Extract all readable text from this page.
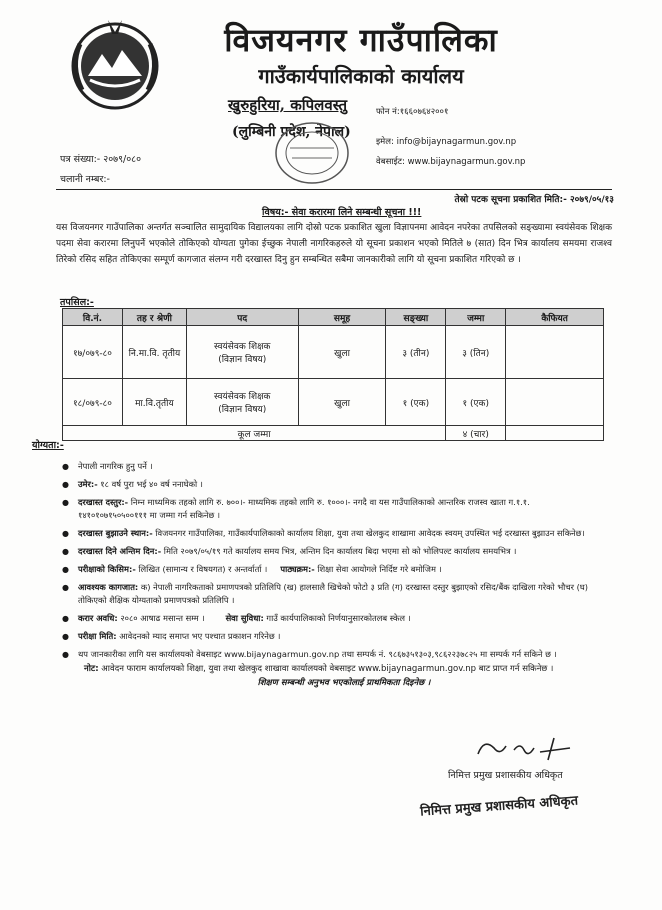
विजयनगर गाउँपालिका
गाउँकार्यपालिकाको कार्यालय
खुरुहुरिया, कपिलवस्तु
(लुम्बिनी प्रदेश, नेपाल)
फोन नं:१६६०७६४२००१
इमेल: info@bijaynagarmun.gov.np
वेबसाईट: www.bijaynagarmun.gov.np
पत्र संख्या:- २०७९/०८०
चलानी नम्बर:-
तेस्रो पटक सूचना प्रकाशित मिति:- २०७९/०५/१३
विषय:- सेवा करारमा लिने सम्बन्धी सूचना !!!
यस विजयनगर गाउँपालिका अन्तर्गत सञ्चालित सामुदायिक विद्यालयका लागि दोस्रो पटक प्रकाशित खुला विज्ञापनमा आवेदन नपरेका तपसिलको सङ्ख्यामा स्वयंसेवक शिक्षक पदमा सेवा करारमा लिनुपर्ने भएकोले तोकिएको योग्यता पुगेका ईच्छुक नेपाली नागरिकहरुले यो सूचना प्रकाशन भएको मितिले ७ (सात) दिन भित्र कार्यालय समयमा राजश्व तिरेको रसिद सहित तोकिएका सम्पूर्ण कागजात संलग्न गरी दरखास्त दिनु हुन सम्बन्धित सबैमा जानकारीको लागि यो सूचना प्रकाशित गरिएको छ ।
तपसिल:-
वि.नं.	तह र श्रेणी	पद	समूह	सङ्ख्या	जम्मा	कैफियत
१७/०७९-८०	नि.मा.वि. तृतीय	स्वयंसेवक शिक्षक
(विज्ञान विषय)	खुला	३ (तीन)	३ (तिन)	
१८/०७९-८०	मा.वि.तृतीय	स्वयंसेवक शिक्षक
(विज्ञान विषय)	खुला	१ (एक)	१ (एक)	
कूल जम्मा					४ (चार)	
योग्यता:-
● नेपाली नागरिक हुनु पर्ने ।
● उमेर:- १८ वर्ष पुरा भई ४० वर्ष ननाघेको ।
● दरखास्त दस्तुर:- निम्न माध्यमिक तहको लागि रु. ७००।- माध्यमिक तहको लागि रु. १०००।- नगदै वा यस गाउँपालिकाको आन्तरिक राजस्व खाता ग.१.१. १४१०१०७१५०५००१११ मा जम्मा गर्न सकिनेछ ।
● दरखास्त बुझाउने स्थान:- विजयनगर गाउँपालिका, गाउँकार्यपालिकाको कार्यालय शिक्षा, युवा तथा खेलकुद शाखामा आवेदक स्वयम् उपस्थित भई दरखास्त बुझाउन सकिनेछ।
● दरखास्त दिने अन्तिम दिन:- मिति २०७९/०५/१९ गते कार्यालय समय भित्र, अन्तिम दिन कार्यालय बिदा भएमा सो को भोलिपल्ट कार्यालय समयभित्र ।
● परीक्षाको किसिम:- लिखित (सामान्य र विषयगत) र अन्तर्वार्ता । पाठ्यक्रम:- शिक्षा सेवा आयोगले निर्दिष्ट गरे बमोजिम ।
● आवश्यक कागजात: क) नेपाली नागरिकताको प्रमाणपत्रको प्रतिलिपि (ख) हालसालै खिचेको फोटो ३ प्रति (ग) दरखास्त दस्तुर बुझाएको रसिद/बैंक दाखिला गरेको भौचर (घ) तोकिएको शैक्षिक योग्यताको प्रमाणपत्रको प्रतिलिपि ।
● करार अवधि: २०८० आषाढ मसान्त सम्म ।	सेवा सुविधा: गाउँ कार्यपालिकाको निर्णयानुसारकोतलब स्केल ।
● परीक्षा मिति: आवेदनको म्याद समाप्त भए पश्चात प्रकाशन गरिनेछ ।
● थप जानकारीका लागि यस कार्यालयको वेबसाइट www.bijaynagarmun.gov.np तथा सम्पर्क नं. ९८६७३५१३०३,९८६२२३७८२५ मा सम्पर्क गर्न सकिने छ ।
नोट: आवेदन फाराम कार्यालयको शिक्षा, युवा तथा खेलकुद शाखावा कार्यालयको वेबसाइट www.bijaynagarmun.gov.np बाट प्राप्त गर्न सकिनेछ ।
शिक्षण सम्बन्धी अनुभव भएकोलाई प्राथमिकता दिइनेछ ।
निमित्त प्रमुख प्रशासकीय अधिकृत
निमित्त प्रमुख प्रशासकीय अधिकृत
